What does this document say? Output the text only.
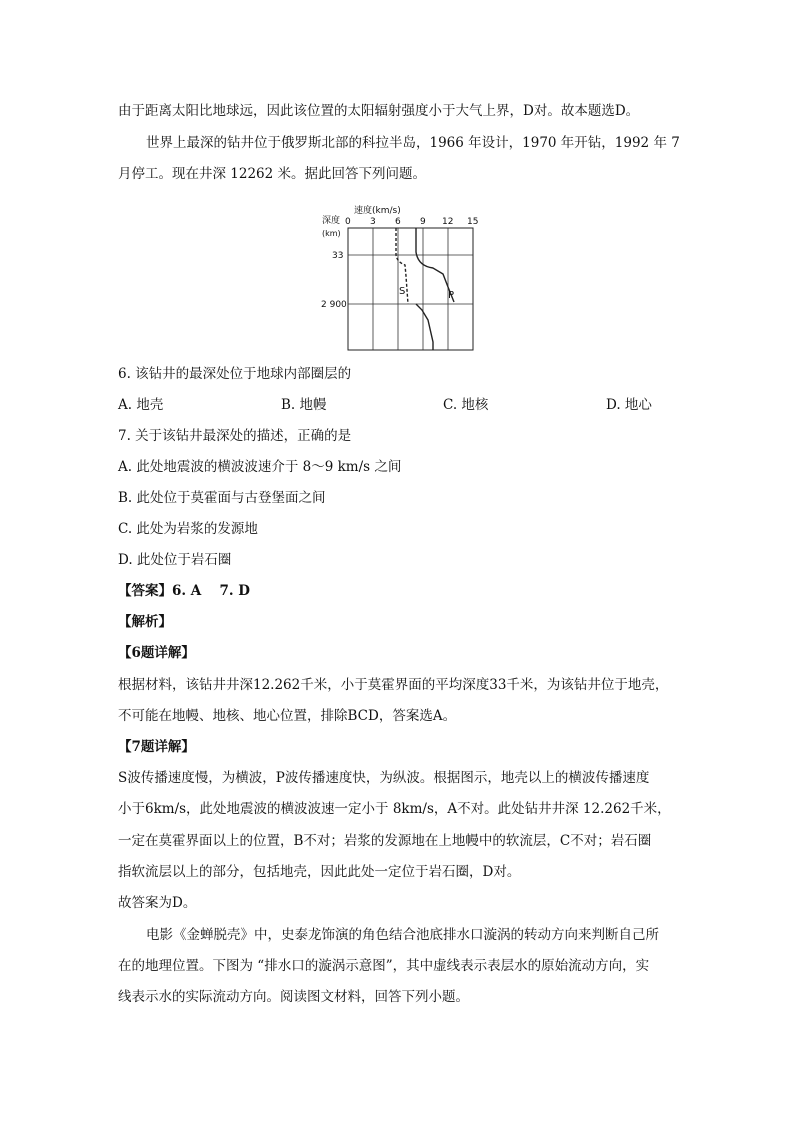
由于距离太阳比地球远，因此该位置的太阳辐射强度小于大气上界，D对。故本题选D。
世界上最深的钻井位于俄罗斯北部的科拉半岛，1966 年设计，1970 年开钻，1992 年 7
月停工。现在井深 12262 米。据此回答下列问题。
速度(km/s)
深度
(km)
0 3 6 9 12 15
33
2 900
S	P
6. 该钻井的最深处位于地球内部圈层的
A. 地壳	B. 地幔	C. 地核	D. 地心
7. 关于该钻井最深处的描述，正确的是
A. 此处地震波的横波波速介于 8～9 km/s 之间
B. 此处位于莫霍面与古登堡面之间
C. 此处为岩浆的发源地
D. 此处位于岩石圈
【答案】6. A　 7. D
【解析】
【6题详解】
根据材料，该钻井井深12.262千米，小于莫霍界面的平均深度33千米，为该钻井位于地壳，
不可能在地幔、地核、地心位置，排除BCD，答案选A。
【7题详解】
S波传播速度慢，为横波，P波传播速度快，为纵波。根据图示，地壳以上的横波传播速度
小于6km/s，此处地震波的横波波速一定小于 8km/s，A不对。此处钻井井深 12.262千米，
一定在莫霍界面以上的位置，B不对；岩浆的发源地在上地幔中的软流层，C不对；岩石圈
指软流层以上的部分，包括地壳，因此此处一定位于岩石圈，D对。
故答案为D。
电影《金蝉脱壳》中，史泰龙饰演的角色结合池底排水口漩涡的转动方向来判断自己所
在的地理位置。下图为 “排水口的漩涡示意图”，其中虚线表示表层水的原始流动方向，实
线表示水的实际流动方向。阅读图文材料，回答下列小题。
